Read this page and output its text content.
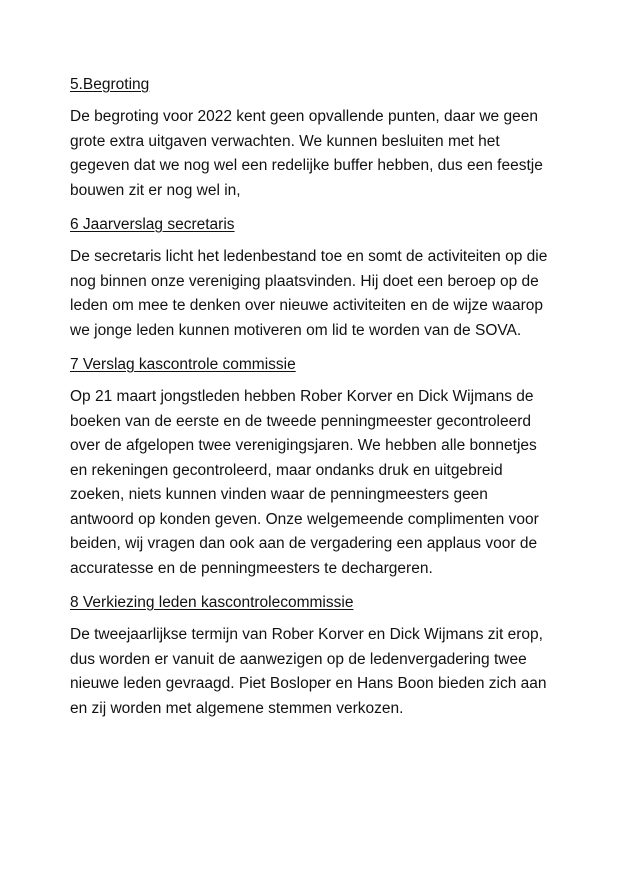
5.Begroting
De begroting voor 2022 kent geen opvallende punten, daar we geen
grote extra uitgaven verwachten. We kunnen besluiten met het
gegeven dat we nog wel een redelijke buffer hebben, dus een feestje
bouwen zit er nog wel in,
6 Jaarverslag secretaris
De secretaris licht het ledenbestand toe en somt de activiteiten op die
nog binnen onze vereniging plaatsvinden. Hij doet een beroep op de
leden om mee te denken over nieuwe activiteiten en de wijze waarop
we jonge leden kunnen motiveren om lid te worden van de SOVA.
7 Verslag kascontrole commissie
Op 21 maart jongstleden hebben Rober Korver en Dick Wijmans de
boeken van de eerste en de tweede penningmeester gecontroleerd
over de afgelopen twee verenigingsjaren. We hebben alle bonnetjes
en rekeningen gecontroleerd, maar ondanks druk en uitgebreid
zoeken, niets kunnen vinden waar de penningmeesters geen
antwoord op konden geven. Onze welgemeende complimenten voor
beiden, wij vragen dan ook aan de vergadering een applaus voor de
accuratesse en de penningmeesters te dechargeren.
8 Verkiezing leden kascontrolecommissie
De tweejaarlijkse termijn van Rober Korver en Dick Wijmans zit erop,
dus worden er vanuit de aanwezigen op de ledenvergadering twee
nieuwe leden gevraagd. Piet Bosloper en Hans Boon bieden zich aan
en zij worden met algemene stemmen verkozen.
